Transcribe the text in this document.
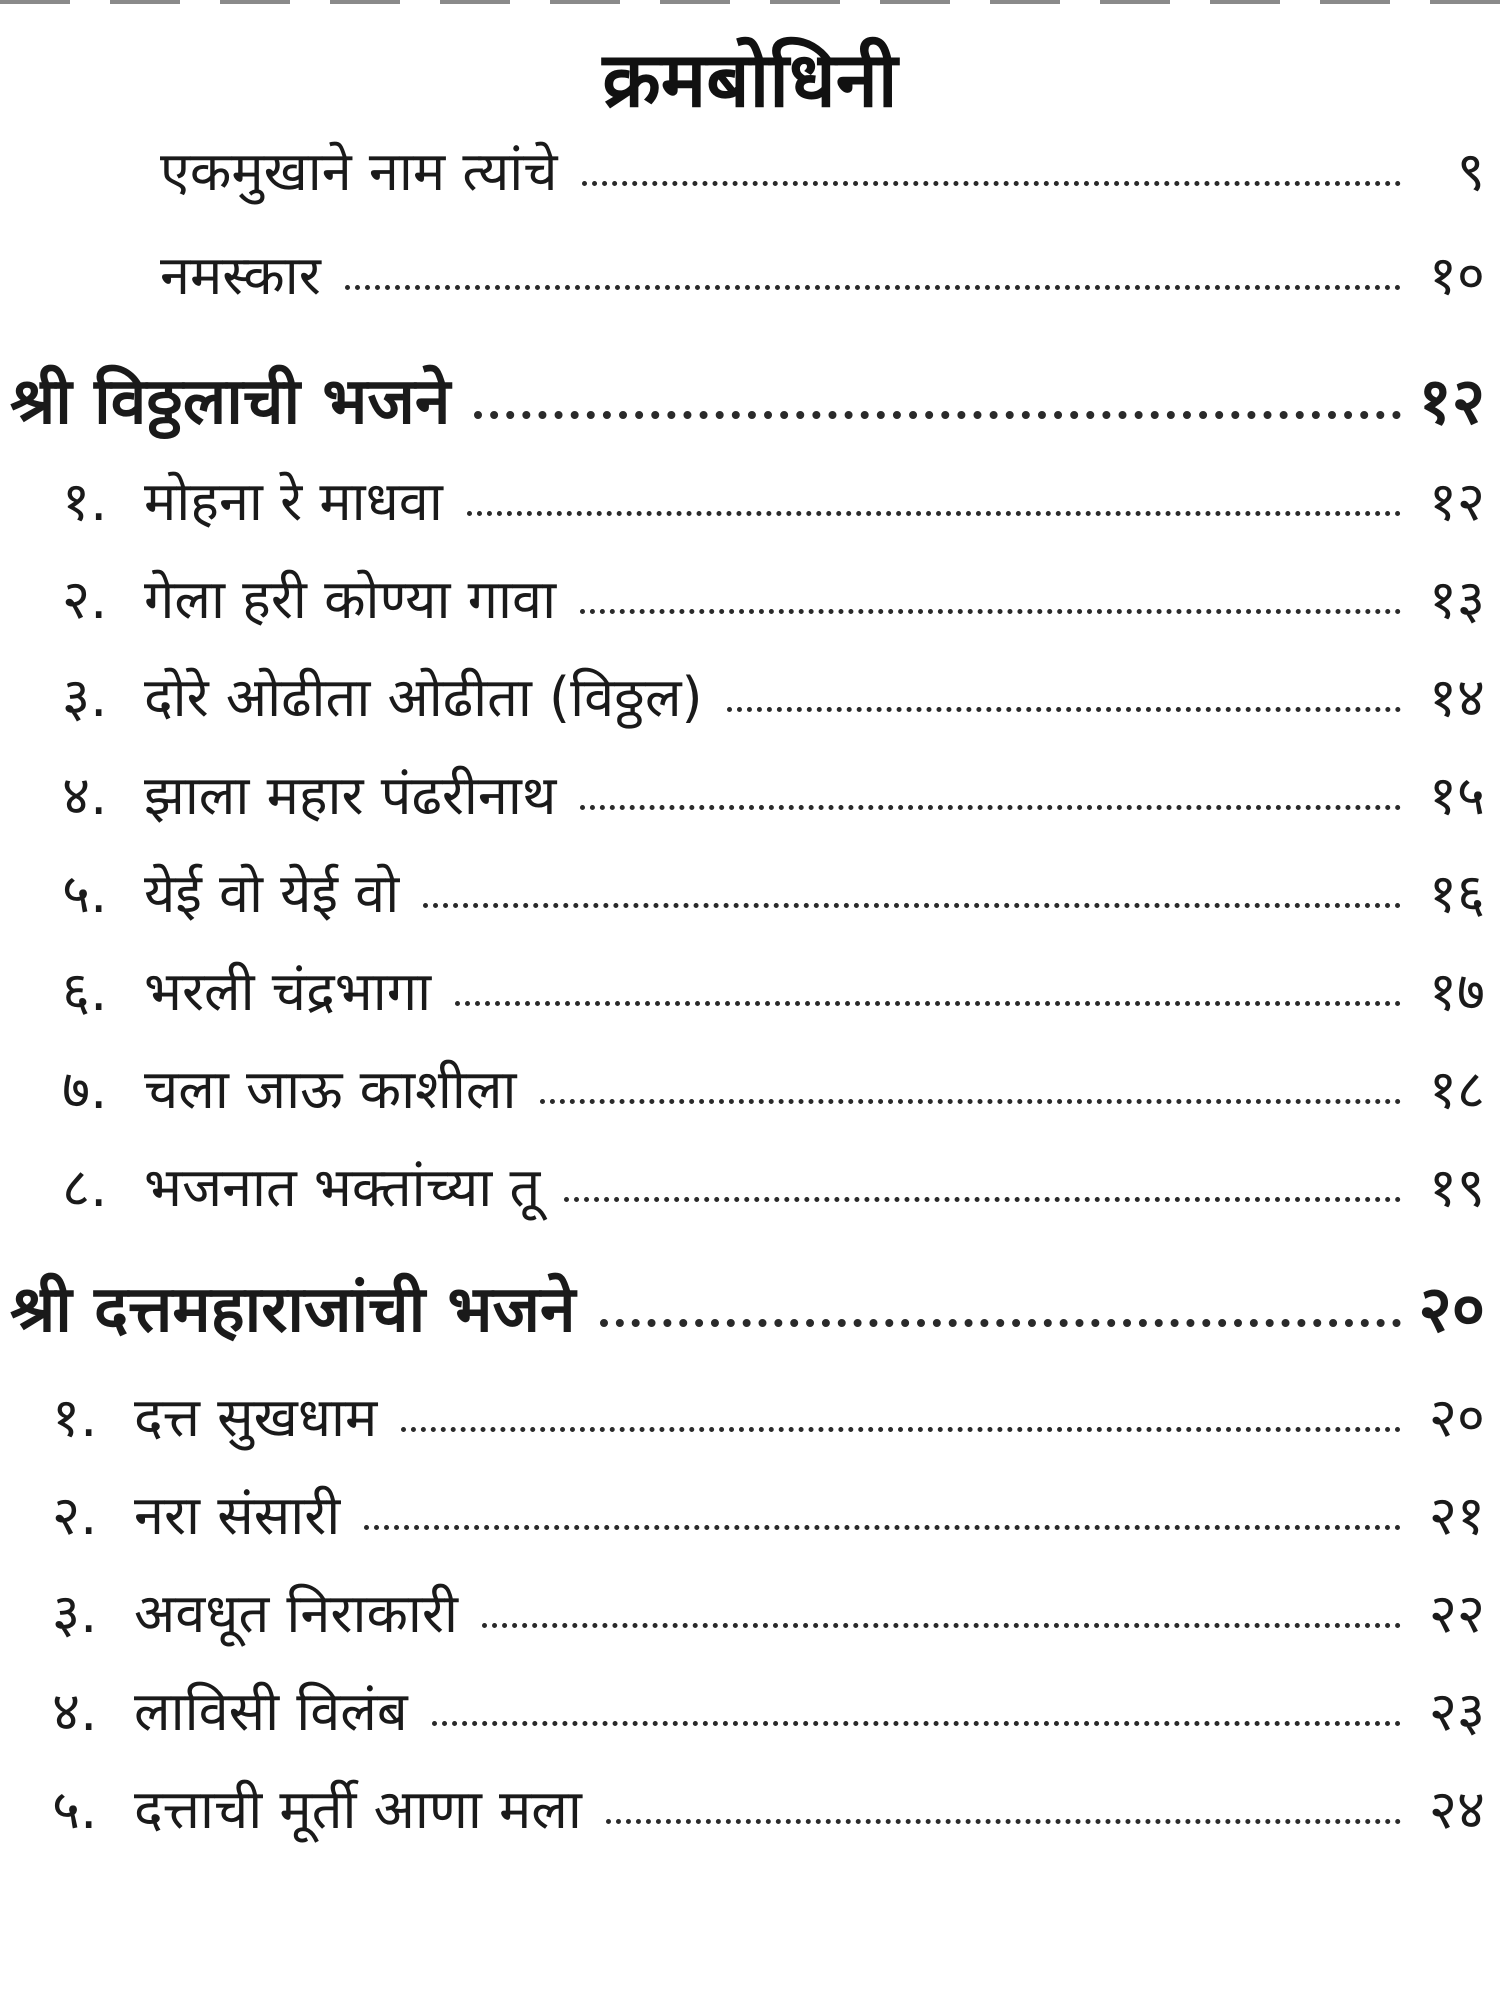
क्रमबोधिनी
एकमुखाने नाम त्यांचे	९
नमस्कार	१०
श्री विठ्ठलाची भजने	१२
१. मोहना रे माधवा	१२
२. गेला हरी कोण्या गावा	१३
३. दोरे ओढीता ओढीता (विठ्ठल)	१४
४. झाला महार पंढरीनाथ	१५
५. येई वो येई वो	१६
६. भरली चंद्रभागा	१७
७. चला जाऊ काशीला	१८
८. भजनात भक्तांच्या तू	१९
श्री दत्तमहाराजांची भजने	२०
१. दत्त सुखधाम	२०
२. नरा संसारी	२१
३. अवधूत निराकारी	२२
४. लाविसी विलंब	२३
५. दत्ताची मूर्ती आणा मला	२४
